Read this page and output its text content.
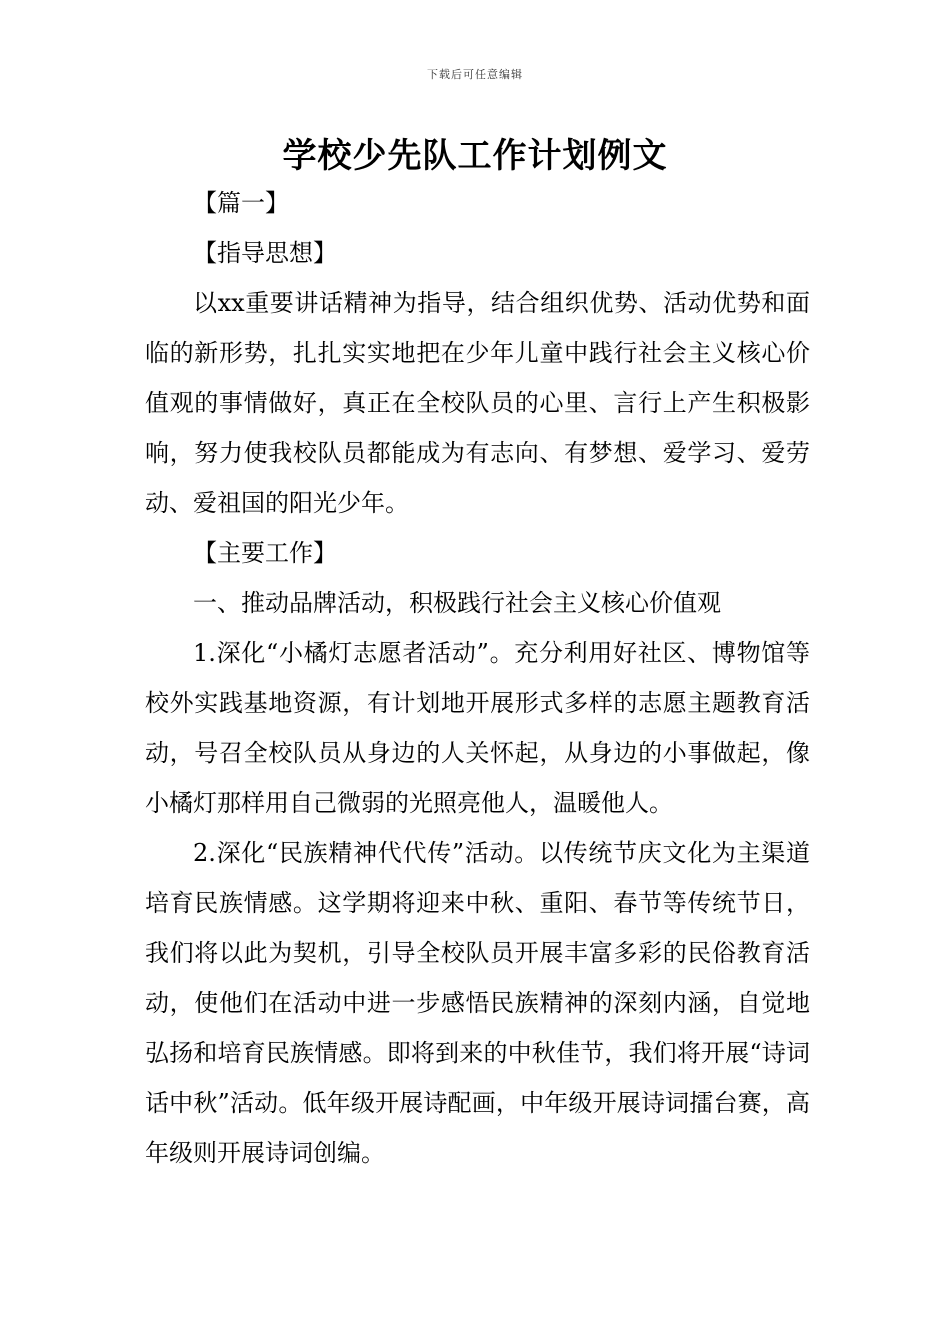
下载后可任意编辑
学校少先队工作计划例文

【篇一】

【指导思想】

以xx重要讲话精神为指导，结合组织优势、活动优势和面临的新形势，扎扎实实地把在少年儿童中践行社会主义核心价值观的事情做好，真正在全校队员的心里、言行上产生积极影响，努力使我校队员都能成为有志向、有梦想、爱学习、爱劳动、爱祖国的阳光少年。

【主要工作】

一、推动品牌活动，积极践行社会主义核心价值观

1.深化“小橘灯志愿者活动”。充分利用好社区、博物馆等校外实践基地资源，有计划地开展形式多样的志愿主题教育活动，号召全校队员从身边的人关怀起，从身边的小事做起，像小橘灯那样用自己微弱的光照亮他人，温暖他人。

2.深化“民族精神代代传”活动。以传统节庆文化为主渠道培育民族情感。这学期将迎来中秋、重阳、春节等传统节日，我们将以此为契机，引导全校队员开展丰富多彩的民俗教育活动，使他们在活动中进一步感悟民族精神的深刻内涵，自觉地弘扬和培育民族情感。即将到来的中秋佳节，我们将开展“诗词话中秋”活动。低年级开展诗配画，中年级开展诗词擂台赛，高年级则开展诗词创编。
